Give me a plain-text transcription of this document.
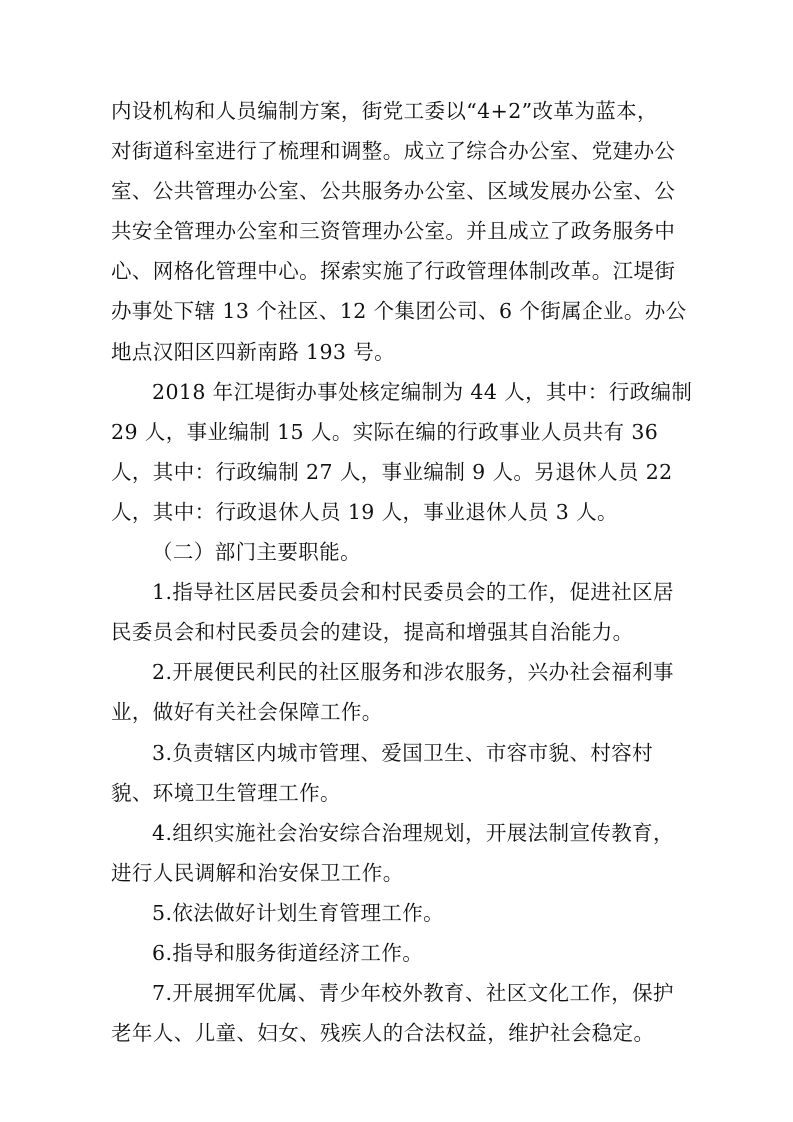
内设机构和人员编制方案，街党工委以“4+2”改革为蓝本，
对街道科室进行了梳理和调整。成立了综合办公室、党建办公
室、公共管理办公室、公共服务办公室、区域发展办公室、公
共安全管理办公室和三资管理办公室。并且成立了政务服务中
心、网格化管理中心。探索实施了行政管理体制改革。江堤街
办事处下辖 13 个社区、12 个集团公司、6 个街属企业。办公
地点汉阳区四新南路 193 号。
2018 年江堤街办事处核定编制为 44 人，其中：行政编制
29 人，事业编制 15 人。实际在编的行政事业人员共有 36
人，其中：行政编制 27 人，事业编制 9 人。另退休人员 22
人，其中：行政退休人员 19 人，事业退休人员 3 人。
（二）部门主要职能。
1.指导社区居民委员会和村民委员会的工作，促进社区居
民委员会和村民委员会的建设，提高和增强其自治能力。
2.开展便民利民的社区服务和涉农服务，兴办社会福利事
业，做好有关社会保障工作。
3.负责辖区内城市管理、爱国卫生、市容市貌、村容村
貌、环境卫生管理工作。
4.组织实施社会治安综合治理规划，开展法制宣传教育，
进行人民调解和治安保卫工作。
5.依法做好计划生育管理工作。
6.指导和服务街道经济工作。
7.开展拥军优属、青少年校外教育、社区文化工作，保护
老年人、儿童、妇女、残疾人的合法权益，维护社会稳定。
